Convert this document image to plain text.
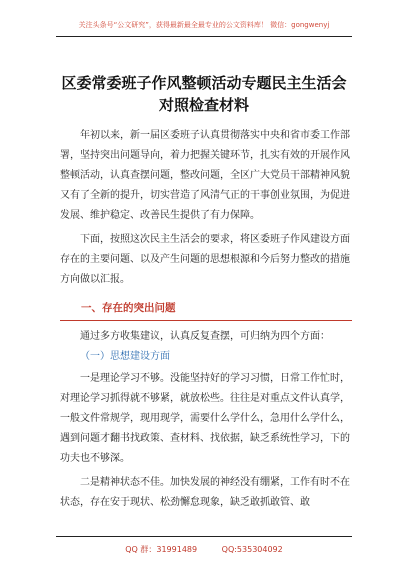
关注头条号“公文研究”，获得最新最全最专业的公文资料库！ 微信：gongwenyj
区委常委班子作风整顿活动专题民主生活会对照检查材料

年初以来，新一届区委班子认真贯彻落实中央和省市委工作部署，坚持突出问题导向，着力把握关键环节，扎实有效的开展作风整顿活动，认真查摆问题，整改问题，全区广大党员干部精神风貌又有了全新的提升，切实营造了风清气正的干事创业氛围，为促进发展、维护稳定、改善民生提供了有力保障。

下面，按照这次民主生活会的要求，将区委班子作风建设方面存在的主要问题、以及产生问题的思想根源和今后努力整改的措施方向做以汇报。

一、存在的突出问题

通过多方收集建议，认真反复查摆，可归纳为四个方面：

（一）思想建设方面

一是理论学习不够。没能坚持好的学习习惯，日常工作忙时，对理论学习抓得就不够紧，就放松些。往往是对重点文件认真学，一般文件常规学，现用现学，需要什么学什么，急用什么学什么，遇到问题才翻书找政策、查材料、找依据，缺乏系统性学习，下的功夫也不够深。

二是精神状态不佳。加快发展的神经没有绷紧，工作有时不在状态，存在安于现状、松劲懈怠现象，缺乏敢抓敢管、敢

QQ 群：31991489	QQ:535304092
